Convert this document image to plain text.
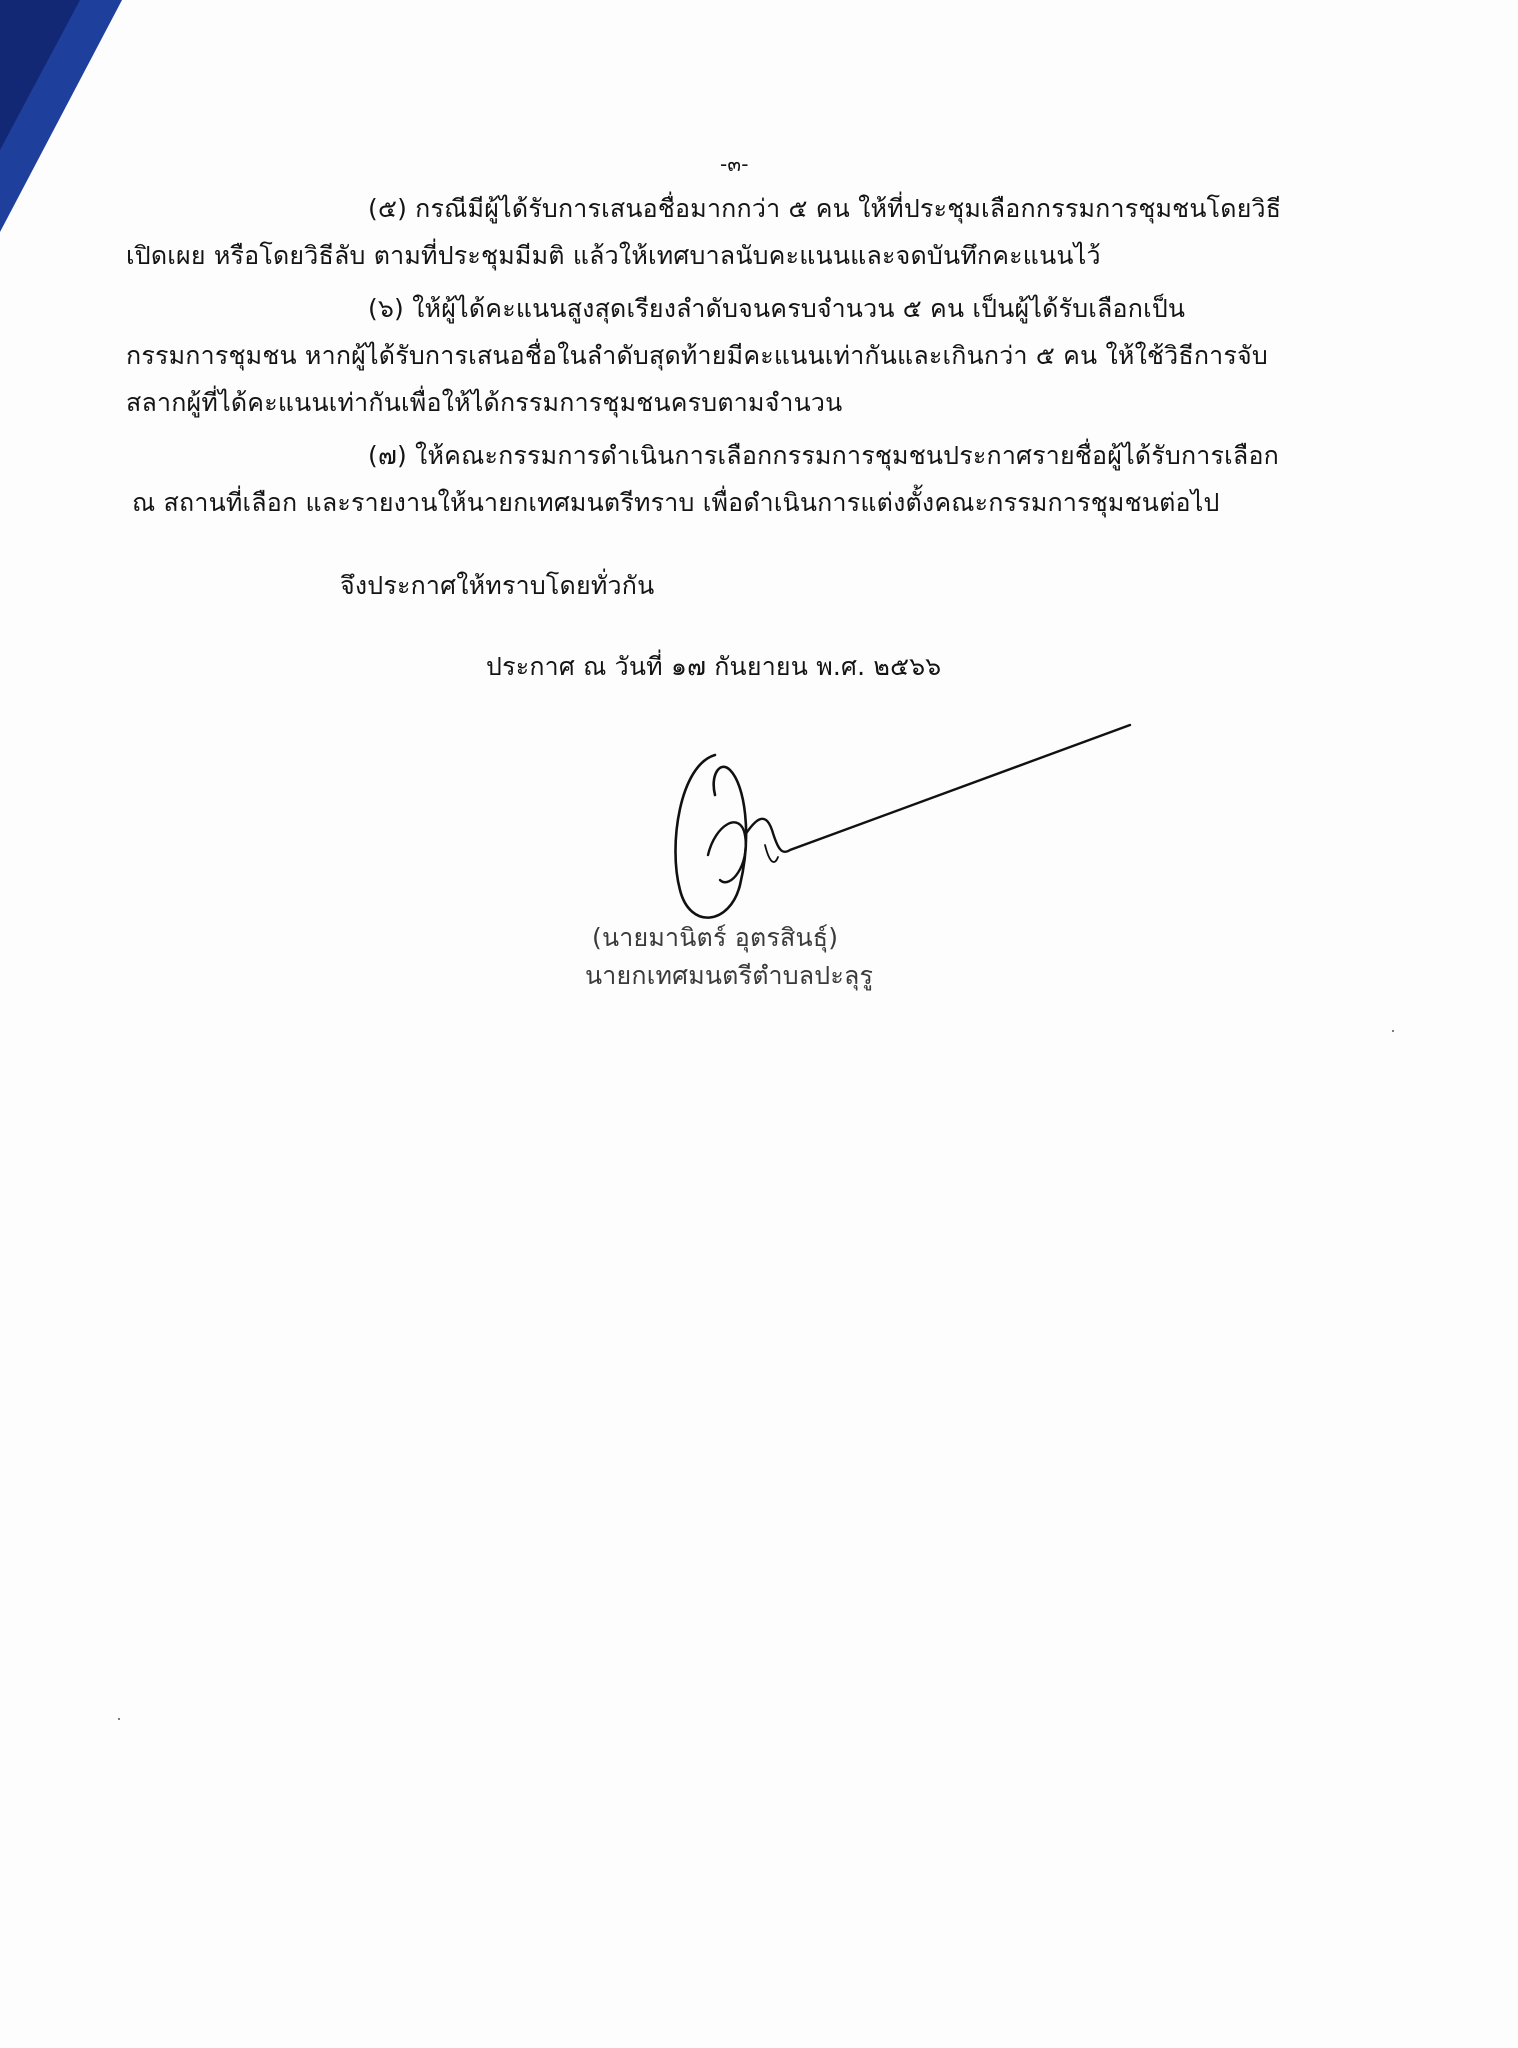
-๓-
(๕) กรณีมีผู้ได้รับการเสนอชื่อมากกว่า ๕ คน ให้ที่ประชุมเลือกกรรมการชุมชนโดยวิธี
เปิดเผย หรือโดยวิธีลับ ตามที่ประชุมมีมติ แล้วให้เทศบาลนับคะแนนและจดบันทึกคะแนนไว้
(๖) ให้ผู้ได้คะแนนสูงสุดเรียงลำดับจนครบจำนวน ๕ คน เป็นผู้ได้รับเลือกเป็น
กรรมการชุมชน หากผู้ได้รับการเสนอชื่อในลำดับสุดท้ายมีคะแนนเท่ากันและเกินกว่า ๕ คน ให้ใช้วิธีการจับ
สลากผู้ที่ได้คะแนนเท่ากันเพื่อให้ได้กรรมการชุมชนครบตามจำนวน
(๗) ให้คณะกรรมการดำเนินการเลือกกรรมการชุมชนประกาศรายชื่อผู้ได้รับการเลือก
ณ สถานที่เลือก และรายงานให้นายกเทศมนตรีทราบ เพื่อดำเนินการแต่งตั้งคณะกรรมการชุมชนต่อไป
จึงประกาศให้ทราบโดยทั่วกัน
ประกาศ ณ วันที่ ๑๗ กันยายน พ.ศ. ๒๕๖๖
(นายมานิตร์ อุตรสินธุ์)
นายกเทศมนตรีตำบลปะลุรู
